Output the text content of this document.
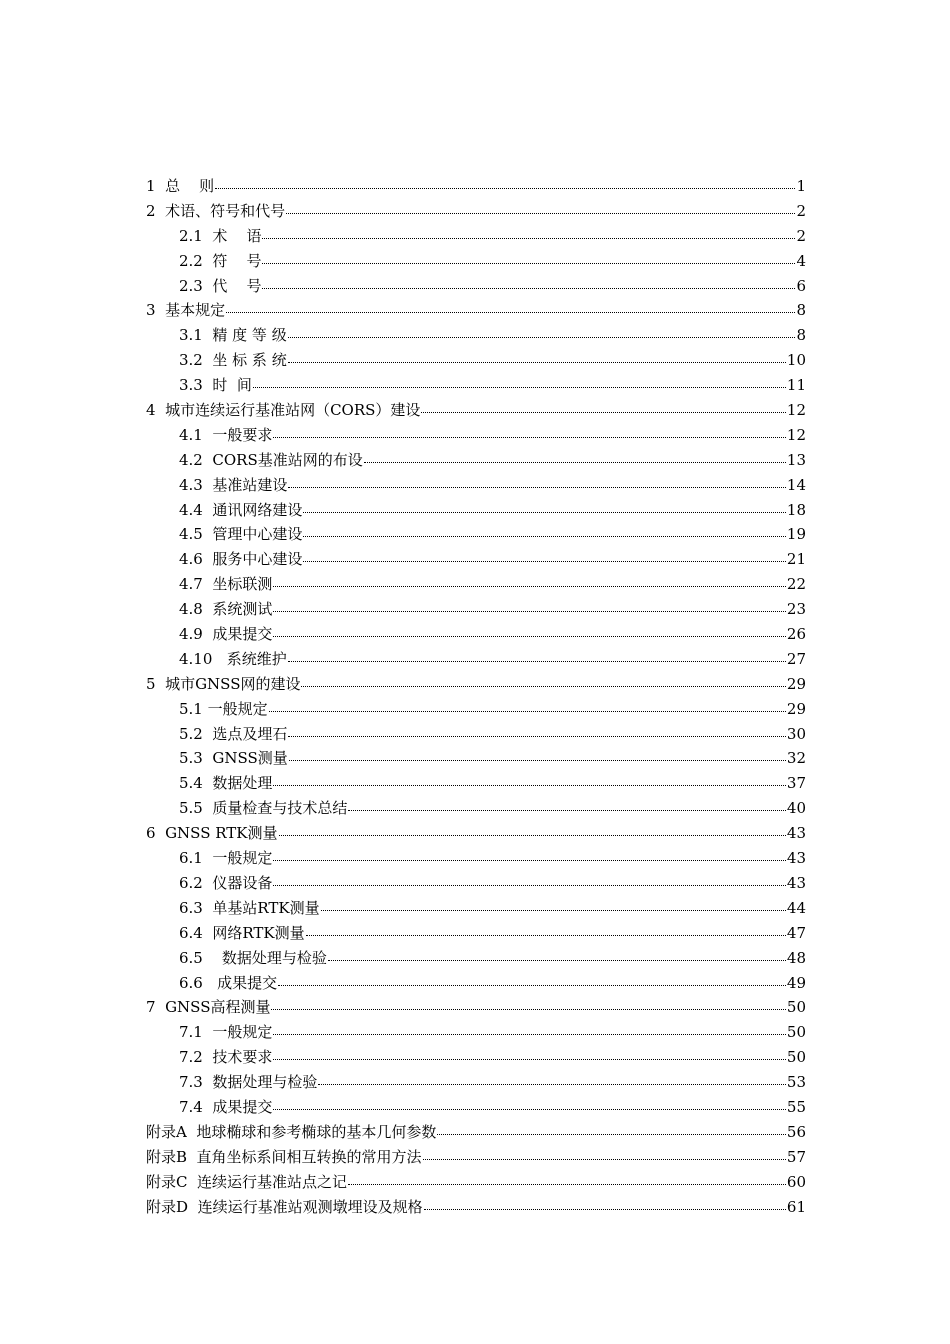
1  总    则	1
2  术语、符号和代号	2
2.1  术    语	2
2.2  符    号	4
2.3  代    号	6
3  基本规定	8
3.1  精 度 等 级	8
3.2  坐 标 系 统	10
3.3  时  间	11
4  城市连续运行基准站网（CORS）建设	12
4.1  一般要求	12
4.2  CORS基准站网的布设	13
4.3  基准站建设	14
4.4  通讯网络建设	18
4.5  管理中心建设	19
4.6  服务中心建设	21
4.7  坐标联测	22
4.8  系统测试	23
4.9  成果提交	26
4.10   系统维护	27
5  城市GNSS网的建设	29
5.1 一般规定	29
5.2  选点及埋石	30
5.3  GNSS测量	32
5.4  数据处理	37
5.5  质量检查与技术总结	40
6  GNSS RTK测量	43
6.1  一般规定	43
6.2  仪器设备	43
6.3  单基站RTK测量	44
6.4  网络RTK测量	47
6.5    数据处理与检验	48
6.6   成果提交	49
7  GNSS高程测量	50
7.1  一般规定	50
7.2  技术要求	50
7.3  数据处理与检验	53
7.4  成果提交	55
附录A  地球椭球和参考椭球的基本几何参数	56
附录B  直角坐标系间相互转换的常用方法	57
附录C  连续运行基准站点之记	60
附录D  连续运行基准站观测墩埋设及规格	61
